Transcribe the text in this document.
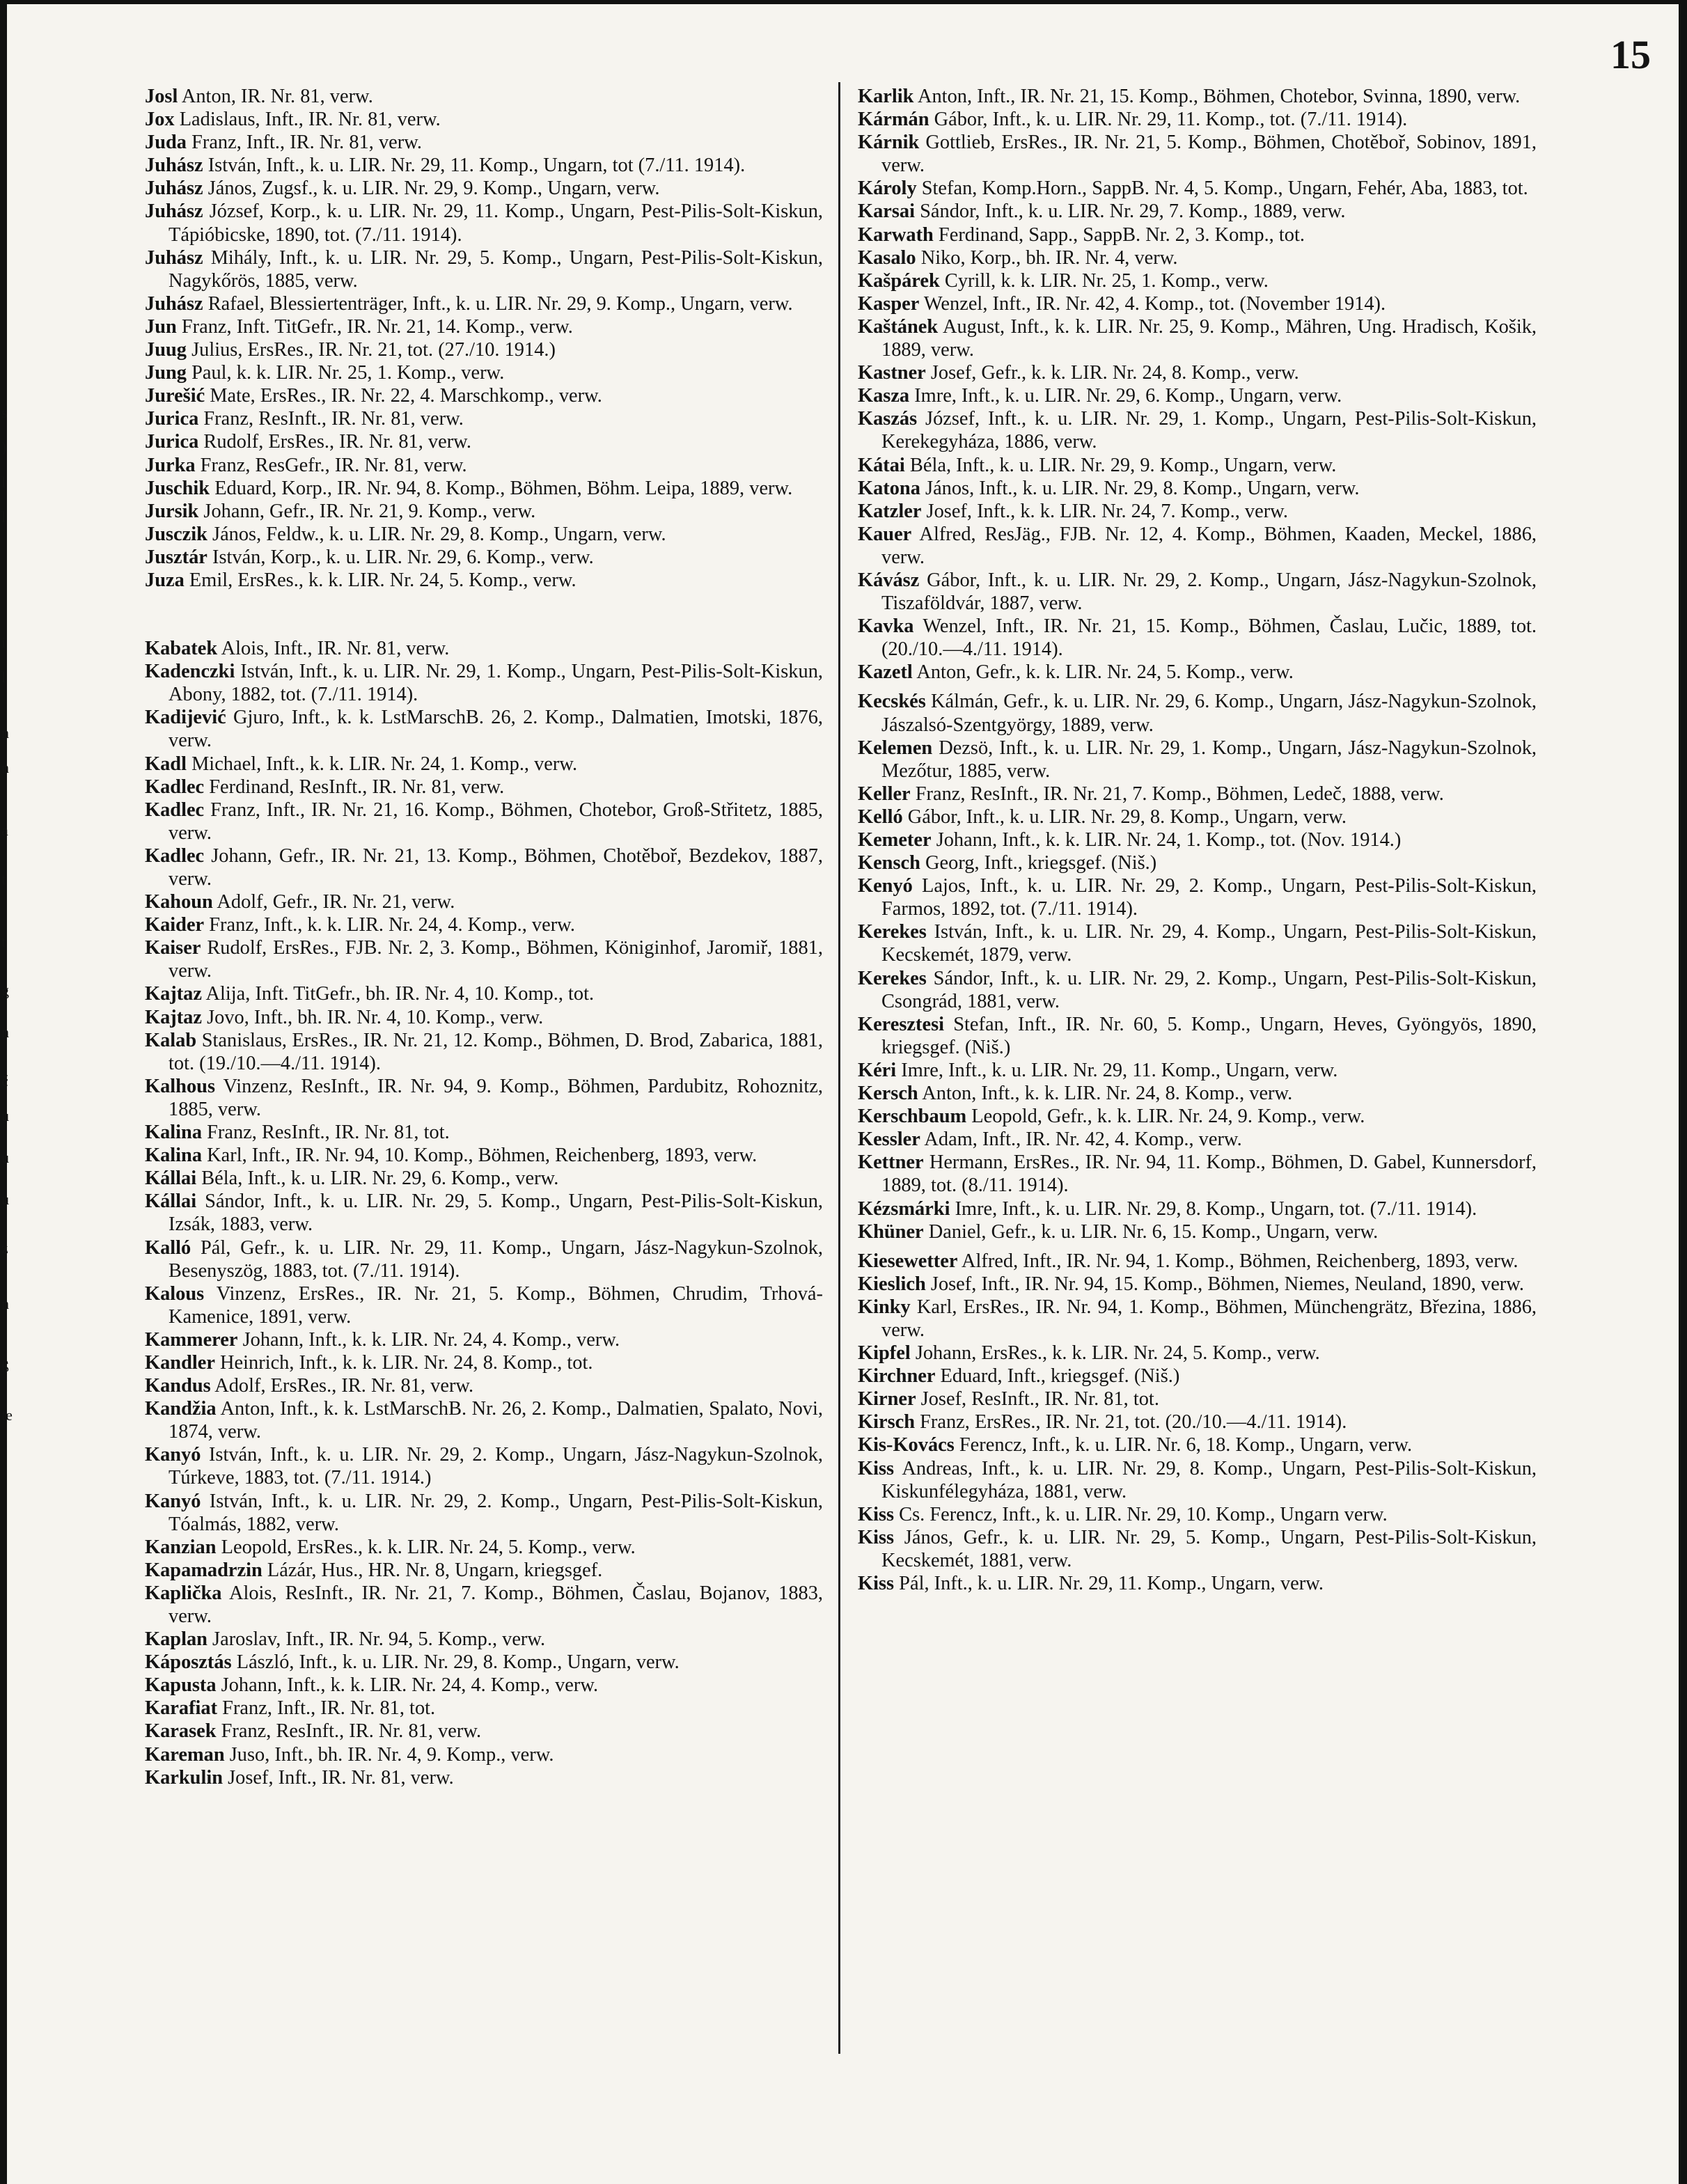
s
)
l
l
i
l
n
n
a
t
t
g
n
č
u
u
u
z
n
ß
te
15

Josl Anton, IR. Nr. 81, verw.

Jox Ladislaus, Inft., IR. Nr. 81, verw.

Juda Franz, Inft., IR. Nr. 81, verw.

Juhász István, Inft., k. u. LIR. Nr. 29, 11. Komp., Ungarn, tot (7./11. 1914).

Juhász János, Zugsf., k. u. LIR. Nr. 29, 9. Komp., Ungarn, verw.

Juhász József, Korp., k. u. LIR. Nr. 29, 11. Komp., Ungarn, Pest-Pilis-Solt-Kiskun, Tápióbicske, 1890, tot. (7./11. 1914).

Juhász Mihály, Inft., k. u. LIR. Nr. 29, 5. Komp., Ungarn, Pest-Pilis-Solt-Kiskun, Nagykőrös, 1885, verw.

Juhász Rafael, Blessiertenträger, Inft., k. u. LIR. Nr. 29, 9. Komp., Ungarn, verw.

Jun Franz, Inft. TitGefr., IR. Nr. 21, 14. Komp., verw.

Juug Julius, ErsRes., IR. Nr. 21, tot. (27./10. 1914.)

Jung Paul, k. k. LIR. Nr. 25, 1. Komp., verw.

Jurešić Mate, ErsRes., IR. Nr. 22, 4. Marschkomp., verw.

Jurica Franz, ResInft., IR. Nr. 81, verw.

Jurica Rudolf, ErsRes., IR. Nr. 81, verw.

Jurka Franz, ResGefr., IR. Nr. 81, verw.

Juschik Eduard, Korp., IR. Nr. 94, 8. Komp., Böhmen, Böhm. Leipa, 1889, verw.

Jursik Johann, Gefr., IR. Nr. 21, 9. Komp., verw.

Jusczik János, Feldw., k. u. LIR. Nr. 29, 8. Komp., Ungarn, verw.

Jusztár István, Korp., k. u. LIR. Nr. 29, 6. Komp., verw.

Juza Emil, ErsRes., k. k. LIR. Nr. 24, 5. Komp., verw.

Kabatek Alois, Inft., IR. Nr. 81, verw.

Kadenczki István, Inft., k. u. LIR. Nr. 29, 1. Komp., Ungarn, Pest-Pilis-Solt-Kiskun, Abony, 1882, tot. (7./11. 1914).

Kadijević Gjuro, Inft., k. k. LstMarschB. 26, 2. Komp., Dalmatien, Imotski, 1876, verw.

Kadl Michael, Inft., k. k. LIR. Nr. 24, 1. Komp., verw.

Kadlec Ferdinand, ResInft., IR. Nr. 81, verw.

Kadlec Franz, Inft., IR. Nr. 21, 16. Komp., Böhmen, Chotebor, Groß-Střitetz, 1885, verw.

Kadlec Johann, Gefr., IR. Nr. 21, 13. Komp., Böhmen, Chotěboř, Bezdekov, 1887, verw.

Kahoun Adolf, Gefr., IR. Nr. 21, verw.

Kaider Franz, Inft., k. k. LIR. Nr. 24, 4. Komp., verw.

Kaiser Rudolf, ErsRes., FJB. Nr. 2, 3. Komp., Böhmen, Königinhof, Jaromiř, 1881, verw.

Kajtaz Alija, Inft. TitGefr., bh. IR. Nr. 4, 10. Komp., tot.

Kajtaz Jovo, Inft., bh. IR. Nr. 4, 10. Komp., verw.

Kalab Stanislaus, ErsRes., IR. Nr. 21, 12. Komp., Böhmen, D. Brod, Zabarica, 1881, tot. (19./10.—4./11. 1914).

Kalhous Vinzenz, ResInft., IR. Nr. 94, 9. Komp., Böhmen, Pardubitz, Rohoznitz, 1885, verw.

Kalina Franz, ResInft., IR. Nr. 81, tot.

Kalina Karl, Inft., IR. Nr. 94, 10. Komp., Böhmen, Reichenberg, 1893, verw.

Kállai Béla, Inft., k. u. LIR. Nr. 29, 6. Komp., verw.

Kállai Sándor, Inft., k. u. LIR. Nr. 29, 5. Komp., Ungarn, Pest-Pilis-Solt-Kiskun, Izsák, 1883, verw.

Kalló Pál, Gefr., k. u. LIR. Nr. 29, 11. Komp., Ungarn, Jász-Nagykun-Szolnok, Besenyszög, 1883, tot. (7./11. 1914).

Kalous Vinzenz, ErsRes., IR. Nr. 21, 5. Komp., Böhmen, Chrudim, Trhová-Kamenice, 1891, verw.

Kammerer Johann, Inft., k. k. LIR. Nr. 24, 4. Komp., verw.

Kandler Heinrich, Inft., k. k. LIR. Nr. 24, 8. Komp., tot.

Kandus Adolf, ErsRes., IR. Nr. 81, verw.

Kandžia Anton, Inft., k. k. LstMarschB. Nr. 26, 2. Komp., Dalmatien, Spalato, Novi, 1874, verw.

Kanyó István, Inft., k. u. LIR. Nr. 29, 2. Komp., Ungarn, Jász-Nagykun-Szolnok, Túrkeve, 1883, tot. (7./11. 1914.)

Kanyó István, Inft., k. u. LIR. Nr. 29, 2. Komp., Ungarn, Pest-Pilis-Solt-Kiskun, Tóalmás, 1882, verw.

Kanzian Leopold, ErsRes., k. k. LIR. Nr. 24, 5. Komp., verw.

Kapamadrzin Lázár, Hus., HR. Nr. 8, Ungarn, kriegsgef.

Kaplička Alois, ResInft., IR. Nr. 21, 7. Komp., Böhmen, Časlau, Bojanov, 1883, verw.

Kaplan Jaroslav, Inft., IR. Nr. 94, 5. Komp., verw.

Káposztás László, Inft., k. u. LIR. Nr. 29, 8. Komp., Ungarn, verw.

Kapusta Johann, Inft., k. k. LIR. Nr. 24, 4. Komp., verw.

Karafiat Franz, Inft., IR. Nr. 81, tot.

Karasek Franz, ResInft., IR. Nr. 81, verw.

Kareman Juso, Inft., bh. IR. Nr. 4, 9. Komp., verw.

Karkulin Josef, Inft., IR. Nr. 81, verw.

Karlik Anton, Inft., IR. Nr. 21, 15. Komp., Böhmen, Chotebor, Svinna, 1890, verw.

Kármán Gábor, Inft., k. u. LIR. Nr. 29, 11. Komp., tot. (7./11. 1914).

Kárnik Gottlieb, ErsRes., IR. Nr. 21, 5. Komp., Böhmen, Chotěboř, Sobinov, 1891, verw.

Károly Stefan, Komp.Horn., SappB. Nr. 4, 5. Komp., Ungarn, Fehér, Aba, 1883, tot.

Karsai Sándor, Inft., k. u. LIR. Nr. 29, 7. Komp., 1889, verw.

Karwath Ferdinand, Sapp., SappB. Nr. 2, 3. Komp., tot.

Kasalo Niko, Korp., bh. IR. Nr. 4, verw.

Kašpárek Cyrill, k. k. LIR. Nr. 25, 1. Komp., verw.

Kasper Wenzel, Inft., IR. Nr. 42, 4. Komp., tot. (November 1914).

Kaštánek August, Inft., k. k. LIR. Nr. 25, 9. Komp., Mähren, Ung. Hradisch, Košik, 1889, verw.

Kastner Josef, Gefr., k. k. LIR. Nr. 24, 8. Komp., verw.

Kasza Imre, Inft., k. u. LIR. Nr. 29, 6. Komp., Ungarn, verw.

Kaszás József, Inft., k. u. LIR. Nr. 29, 1. Komp., Ungarn, Pest-Pilis-Solt-Kiskun, Kerekegyháza, 1886, verw.

Kátai Béla, Inft., k. u. LIR. Nr. 29, 9. Komp., Ungarn, verw.

Katona János, Inft., k. u. LIR. Nr. 29, 8. Komp., Ungarn, verw.

Katzler Josef, Inft., k. k. LIR. Nr. 24, 7. Komp., verw.

Kauer Alfred, ResJäg., FJB. Nr. 12, 4. Komp., Böhmen, Kaaden, Meckel, 1886, verw.

Kávász Gábor, Inft., k. u. LIR. Nr. 29, 2. Komp., Ungarn, Jász-Nagykun-Szolnok, Tiszaföldvár, 1887, verw.

Kavka Wenzel, Inft., IR. Nr. 21, 15. Komp., Böhmen, Časlau, Lučic, 1889, tot. (20./10.—4./11. 1914).

Kazetl Anton, Gefr., k. k. LIR. Nr. 24, 5. Komp., verw.

Kecskés Kálmán, Gefr., k. u. LIR. Nr. 29, 6. Komp., Ungarn, Jász-Nagykun-Szolnok, Jászalsó-Szentgyörgy, 1889, verw.

Kelemen Dezsö, Inft., k. u. LIR. Nr. 29, 1. Komp., Ungarn, Jász-Nagykun-Szolnok, Mezőtur, 1885, verw.

Keller Franz, ResInft., IR. Nr. 21, 7. Komp., Böhmen, Ledeč, 1888, verw.

Kelló Gábor, Inft., k. u. LIR. Nr. 29, 8. Komp., Ungarn, verw.

Kemeter Johann, Inft., k. k. LIR. Nr. 24, 1. Komp., tot. (Nov. 1914.)

Kensch Georg, Inft., kriegsgef. (Niš.)

Kenyó Lajos, Inft., k. u. LIR. Nr. 29, 2. Komp., Ungarn, Pest-Pilis-Solt-Kiskun, Farmos, 1892, tot. (7./11. 1914).

Kerekes István, Inft., k. u. LIR. Nr. 29, 4. Komp., Ungarn, Pest-Pilis-Solt-Kiskun, Kecskemét, 1879, verw.

Kerekes Sándor, Inft., k. u. LIR. Nr. 29, 2. Komp., Ungarn, Pest-Pilis-Solt-Kiskun, Csongrád, 1881, verw.

Keresztesi Stefan, Inft., IR. Nr. 60, 5. Komp., Ungarn, Heves, Gyöngyös, 1890, kriegsgef. (Niš.)

Kéri Imre, Inft., k. u. LIR. Nr. 29, 11. Komp., Ungarn, verw.

Kersch Anton, Inft., k. k. LIR. Nr. 24, 8. Komp., verw.

Kerschbaum Leopold, Gefr., k. k. LIR. Nr. 24, 9. Komp., verw.

Kessler Adam, Inft., IR. Nr. 42, 4. Komp., verw.

Kettner Hermann, ErsRes., IR. Nr. 94, 11. Komp., Böhmen, D. Gabel, Kunnersdorf, 1889, tot. (8./11. 1914).

Kézsmárki Imre, Inft., k. u. LIR. Nr. 29, 8. Komp., Ungarn, tot. (7./11. 1914).

Khüner Daniel, Gefr., k. u. LIR. Nr. 6, 15. Komp., Ungarn, verw.

Kiesewetter Alfred, Inft., IR. Nr. 94, 1. Komp., Böhmen, Reichenberg, 1893, verw.

Kieslich Josef, Inft., IR. Nr. 94, 15. Komp., Böhmen, Niemes, Neuland, 1890, verw.

Kinky Karl, ErsRes., IR. Nr. 94, 1. Komp., Böhmen, Münchengrätz, Březina, 1886, verw.

Kipfel Johann, ErsRes., k. k. LIR. Nr. 24, 5. Komp., verw.

Kirchner Eduard, Inft., kriegsgef. (Niš.)

Kirner Josef, ResInft., IR. Nr. 81, tot.

Kirsch Franz, ErsRes., IR. Nr. 21, tot. (20./10.—4./11. 1914).

Kis-Kovács Ferencz, Inft., k. u. LIR. Nr. 6, 18. Komp., Ungarn, verw.

Kiss Andreas, Inft., k. u. LIR. Nr. 29, 8. Komp., Ungarn, Pest-Pilis-Solt-Kiskun, Kiskunfélegyháza, 1881, verw.

Kiss Cs. Ferencz, Inft., k. u. LIR. Nr. 29, 10. Komp., Ungarn verw.

Kiss János, Gefr., k. u. LIR. Nr. 29, 5. Komp., Ungarn, Pest-Pilis-Solt-Kiskun, Kecskemét, 1881, verw.

Kiss Pál, Inft., k. u. LIR. Nr. 29, 11. Komp., Ungarn, verw.
